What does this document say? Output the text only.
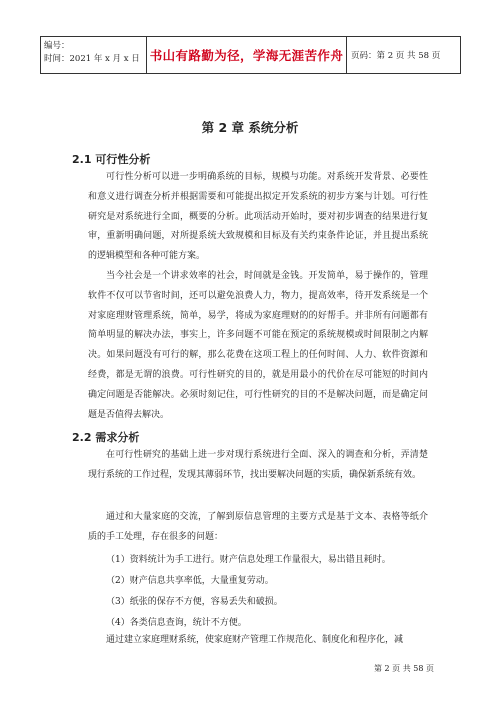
编号：
时间：2021 年 x 月 x 日 书山有路勤为径，学海无涯苦作舟 页码：第 2 页 共 58 页
第 2 章 系统分析
2.1 可行性分析
可行性分析可以进一步明确系统的目标，规模与功能。对系统开发背景、必要性和意义进行调查分析并根据需要和可能提出拟定开发系统的初步方案与计划。可行性研究是对系统进行全面，概要的分析。此项活动开始时，要对初步调查的结果进行复审，重新明确问题，对所提系统大致规模和目标及有关约束条件论证，并且提出系统的逻辑模型和各种可能方案。
当今社会是一个讲求效率的社会，时间就是金钱。开发简单，易于操作的，管理软件不仅可以节省时间，还可以避免浪费人力，物力，提高效率，待开发系统是一个对家庭理财管理系统，简单，易学，将成为家庭理财的的好帮手。并非所有问题都有简单明显的解决办法，事实上，许多问题不可能在预定的系统规模或时间限制之内解决。如果问题没有可行的解，那么花费在这项工程上的任何时间、人力、软件资源和经费，都是无谓的浪费。可行性研究的目的，就是用最小的代价在尽可能短的时间内确定问题是否能解决。必须时刻记住，可行性研究的目的不是解决问题，而是确定问题是否值得去解决。
2.2 需求分析
在可行性研究的基础上进一步对现行系统进行全面、深入的调查和分析，弄清楚现行系统的工作过程，发现其薄弱环节，找出要解决问题的实质，确保新系统有效。
通过和大量家庭的交流，了解到原信息管理的主要方式是基于文本、表格等纸介质的手工处理，存在很多的问题：
（1）资料统计为手工进行。财产信息处理工作量很大，易出错且耗时。
（2）财产信息共享率低，大量重复劳动。
（3）纸张的保存不方便，容易丢失和破损。
（4）各类信息查询，统计不方便。
通过建立家庭理财系统，使家庭财产管理工作规范化、制度化和程序化，减
第 2 页 共 58 页
